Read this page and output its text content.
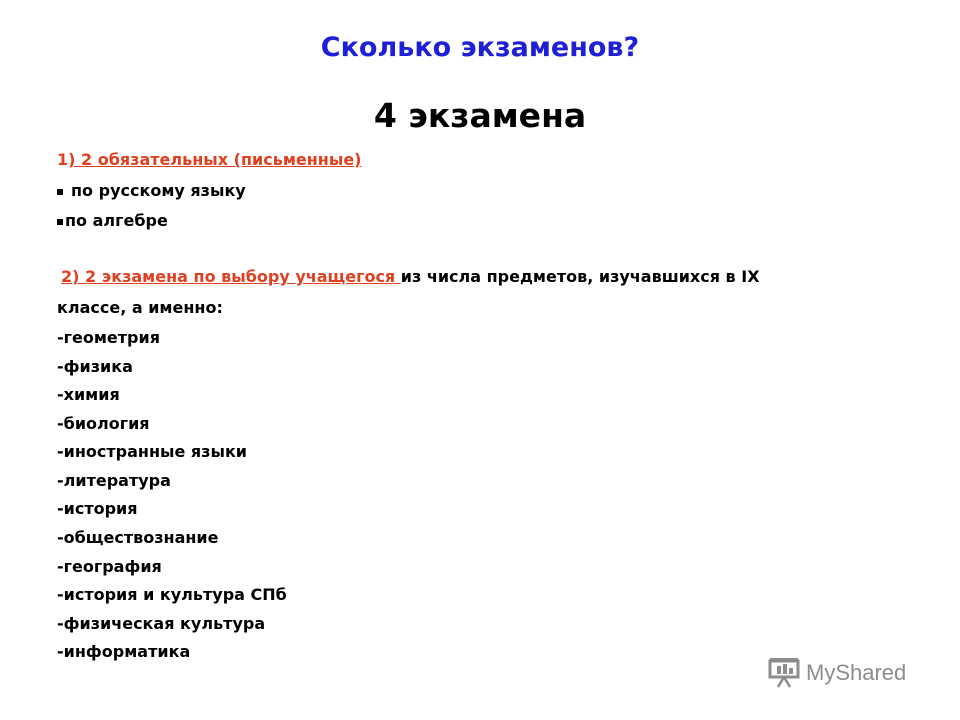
Сколько экзаменов?
4 экзамена
1) 2 обязательных (письменные)
по русскому языку
по алгебре
2) 2 экзамена по выбору учащегося из числа предметов, изучавшихся в IX
классе, а именно:
-геометрия
-физика
-химия
-биология
-иностранные языки
-литература
-история
-обществознание
-география
-история и культура СПб
-физическая культура
-информатика
MyShared
